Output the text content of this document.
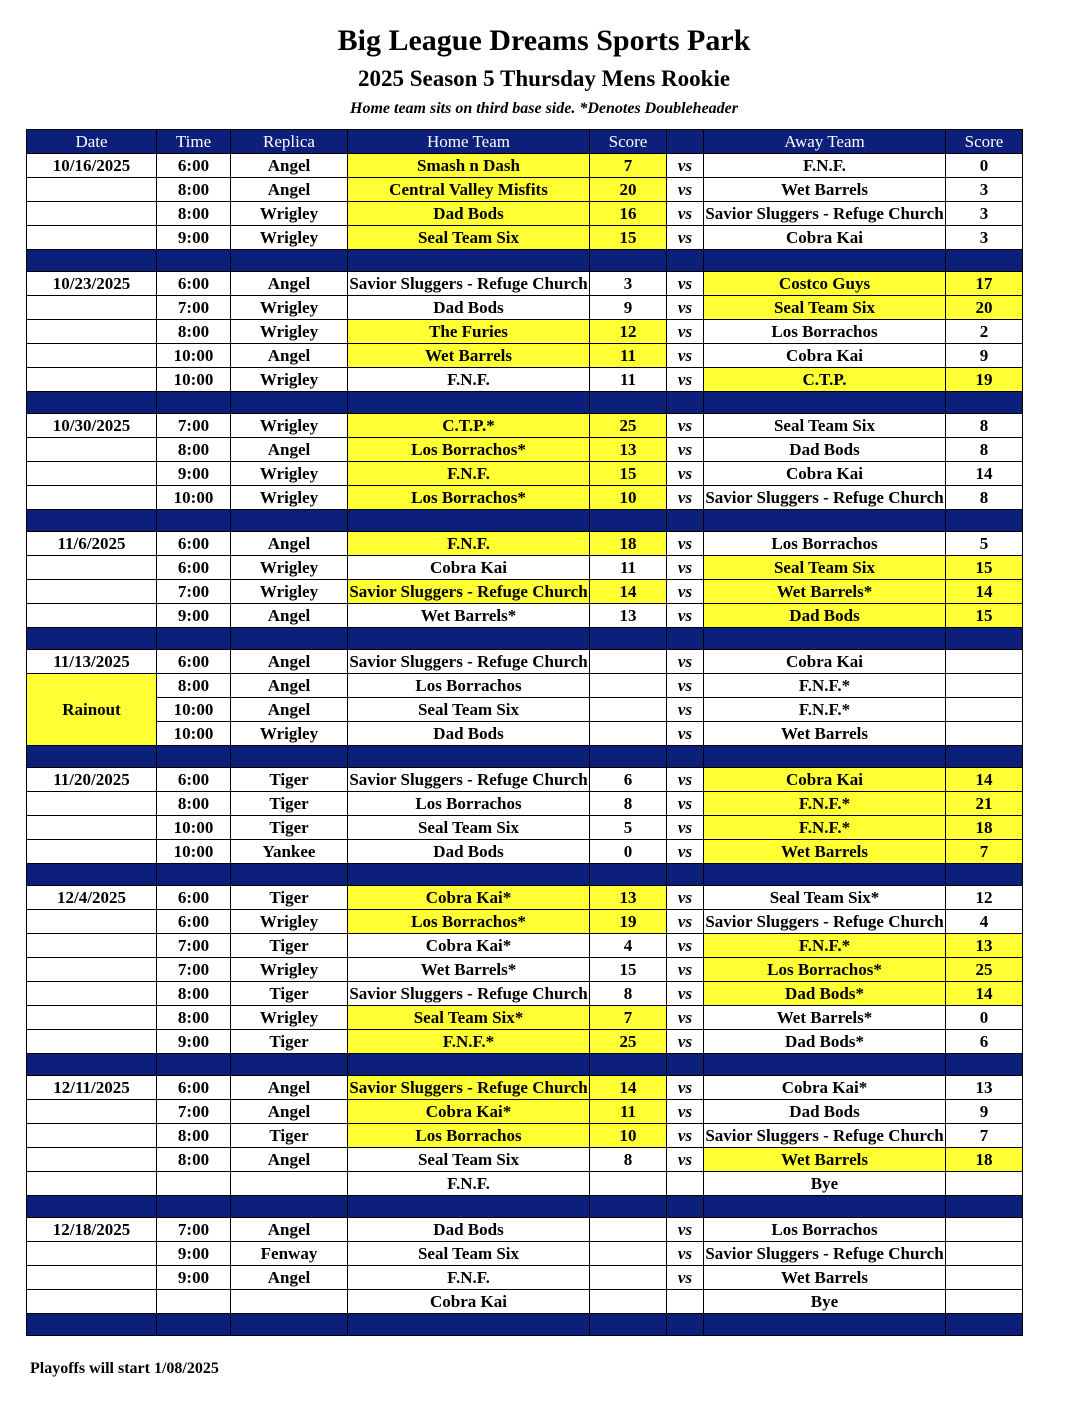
Big League Dreams Sports Park
2025 Season 5 Thursday Mens Rookie
Home team sits on third base side. *Denotes Doubleheader
Date	Time	Replica	Home Team	Score		Away Team	Score
10/16/2025	6:00	Angel	Smash n Dash	7	vs	F.N.F.	0
	8:00	Angel	Central Valley Misfits	20	vs	Wet Barrels	3
	8:00	Wrigley	Dad Bods	16	vs	Savior Sluggers - Refuge Church	3
	9:00	Wrigley	Seal Team Six	15	vs	Cobra Kai	3

10/23/2025	6:00	Angel	Savior Sluggers - Refuge Church	3	vs	Costco Guys	17
	7:00	Wrigley	Dad Bods	9	vs	Seal Team Six	20
	8:00	Wrigley	The Furies	12	vs	Los Borrachos	2
	10:00	Angel	Wet Barrels	11	vs	Cobra Kai	9
	10:00	Wrigley	F.N.F.	11	vs	C.T.P.	19

10/30/2025	7:00	Wrigley	C.T.P.*	25	vs	Seal Team Six	8
	8:00	Angel	Los Borrachos*	13	vs	Dad Bods	8
	9:00	Wrigley	F.N.F.	15	vs	Cobra Kai	14
	10:00	Wrigley	Los Borrachos*	10	vs	Savior Sluggers - Refuge Church	8

11/6/2025	6:00	Angel	F.N.F.	18	vs	Los Borrachos	5
	6:00	Wrigley	Cobra Kai	11	vs	Seal Team Six	15
	7:00	Wrigley	Savior Sluggers - Refuge Church	14	vs	Wet Barrels*	14
	9:00	Angel	Wet Barrels*	13	vs	Dad Bods	15

11/13/2025	6:00	Angel	Savior Sluggers - Refuge Church		vs	Cobra Kai	
Rainout	8:00	Angel	Los Borrachos		vs	F.N.F.*	
	10:00	Angel	Seal Team Six		vs	F.N.F.*	
	10:00	Wrigley	Dad Bods		vs	Wet Barrels	

11/20/2025	6:00	Tiger	Savior Sluggers - Refuge Church	6	vs	Cobra Kai	14
	8:00	Tiger	Los Borrachos	8	vs	F.N.F.*	21
	10:00	Tiger	Seal Team Six	5	vs	F.N.F.*	18
	10:00	Yankee	Dad Bods	0	vs	Wet Barrels	7

12/4/2025	6:00	Tiger	Cobra Kai*	13	vs	Seal Team Six*	12
	6:00	Wrigley	Los Borrachos*	19	vs	Savior Sluggers - Refuge Church	4
	7:00	Tiger	Cobra Kai*	4	vs	F.N.F.*	13
	7:00	Wrigley	Wet Barrels*	15	vs	Los Borrachos*	25
	8:00	Tiger	Savior Sluggers - Refuge Church	8	vs	Dad Bods*	14
	8:00	Wrigley	Seal Team Six*	7	vs	Wet Barrels*	0
	9:00	Tiger	F.N.F.*	25	vs	Dad Bods*	6

12/11/2025	6:00	Angel	Savior Sluggers - Refuge Church	14	vs	Cobra Kai*	13
	7:00	Angel	Cobra Kai*	11	vs	Dad Bods	9
	8:00	Tiger	Los Borrachos	10	vs	Savior Sluggers - Refuge Church	7
	8:00	Angel	Seal Team Six	8	vs	Wet Barrels	18
			F.N.F.			Bye	

12/18/2025	7:00	Angel	Dad Bods		vs	Los Borrachos	
	9:00	Fenway	Seal Team Six		vs	Savior Sluggers - Refuge Church	
	9:00	Angel	F.N.F.		vs	Wet Barrels	
			Cobra Kai			Bye	

Playoffs will start 1/08/2025
